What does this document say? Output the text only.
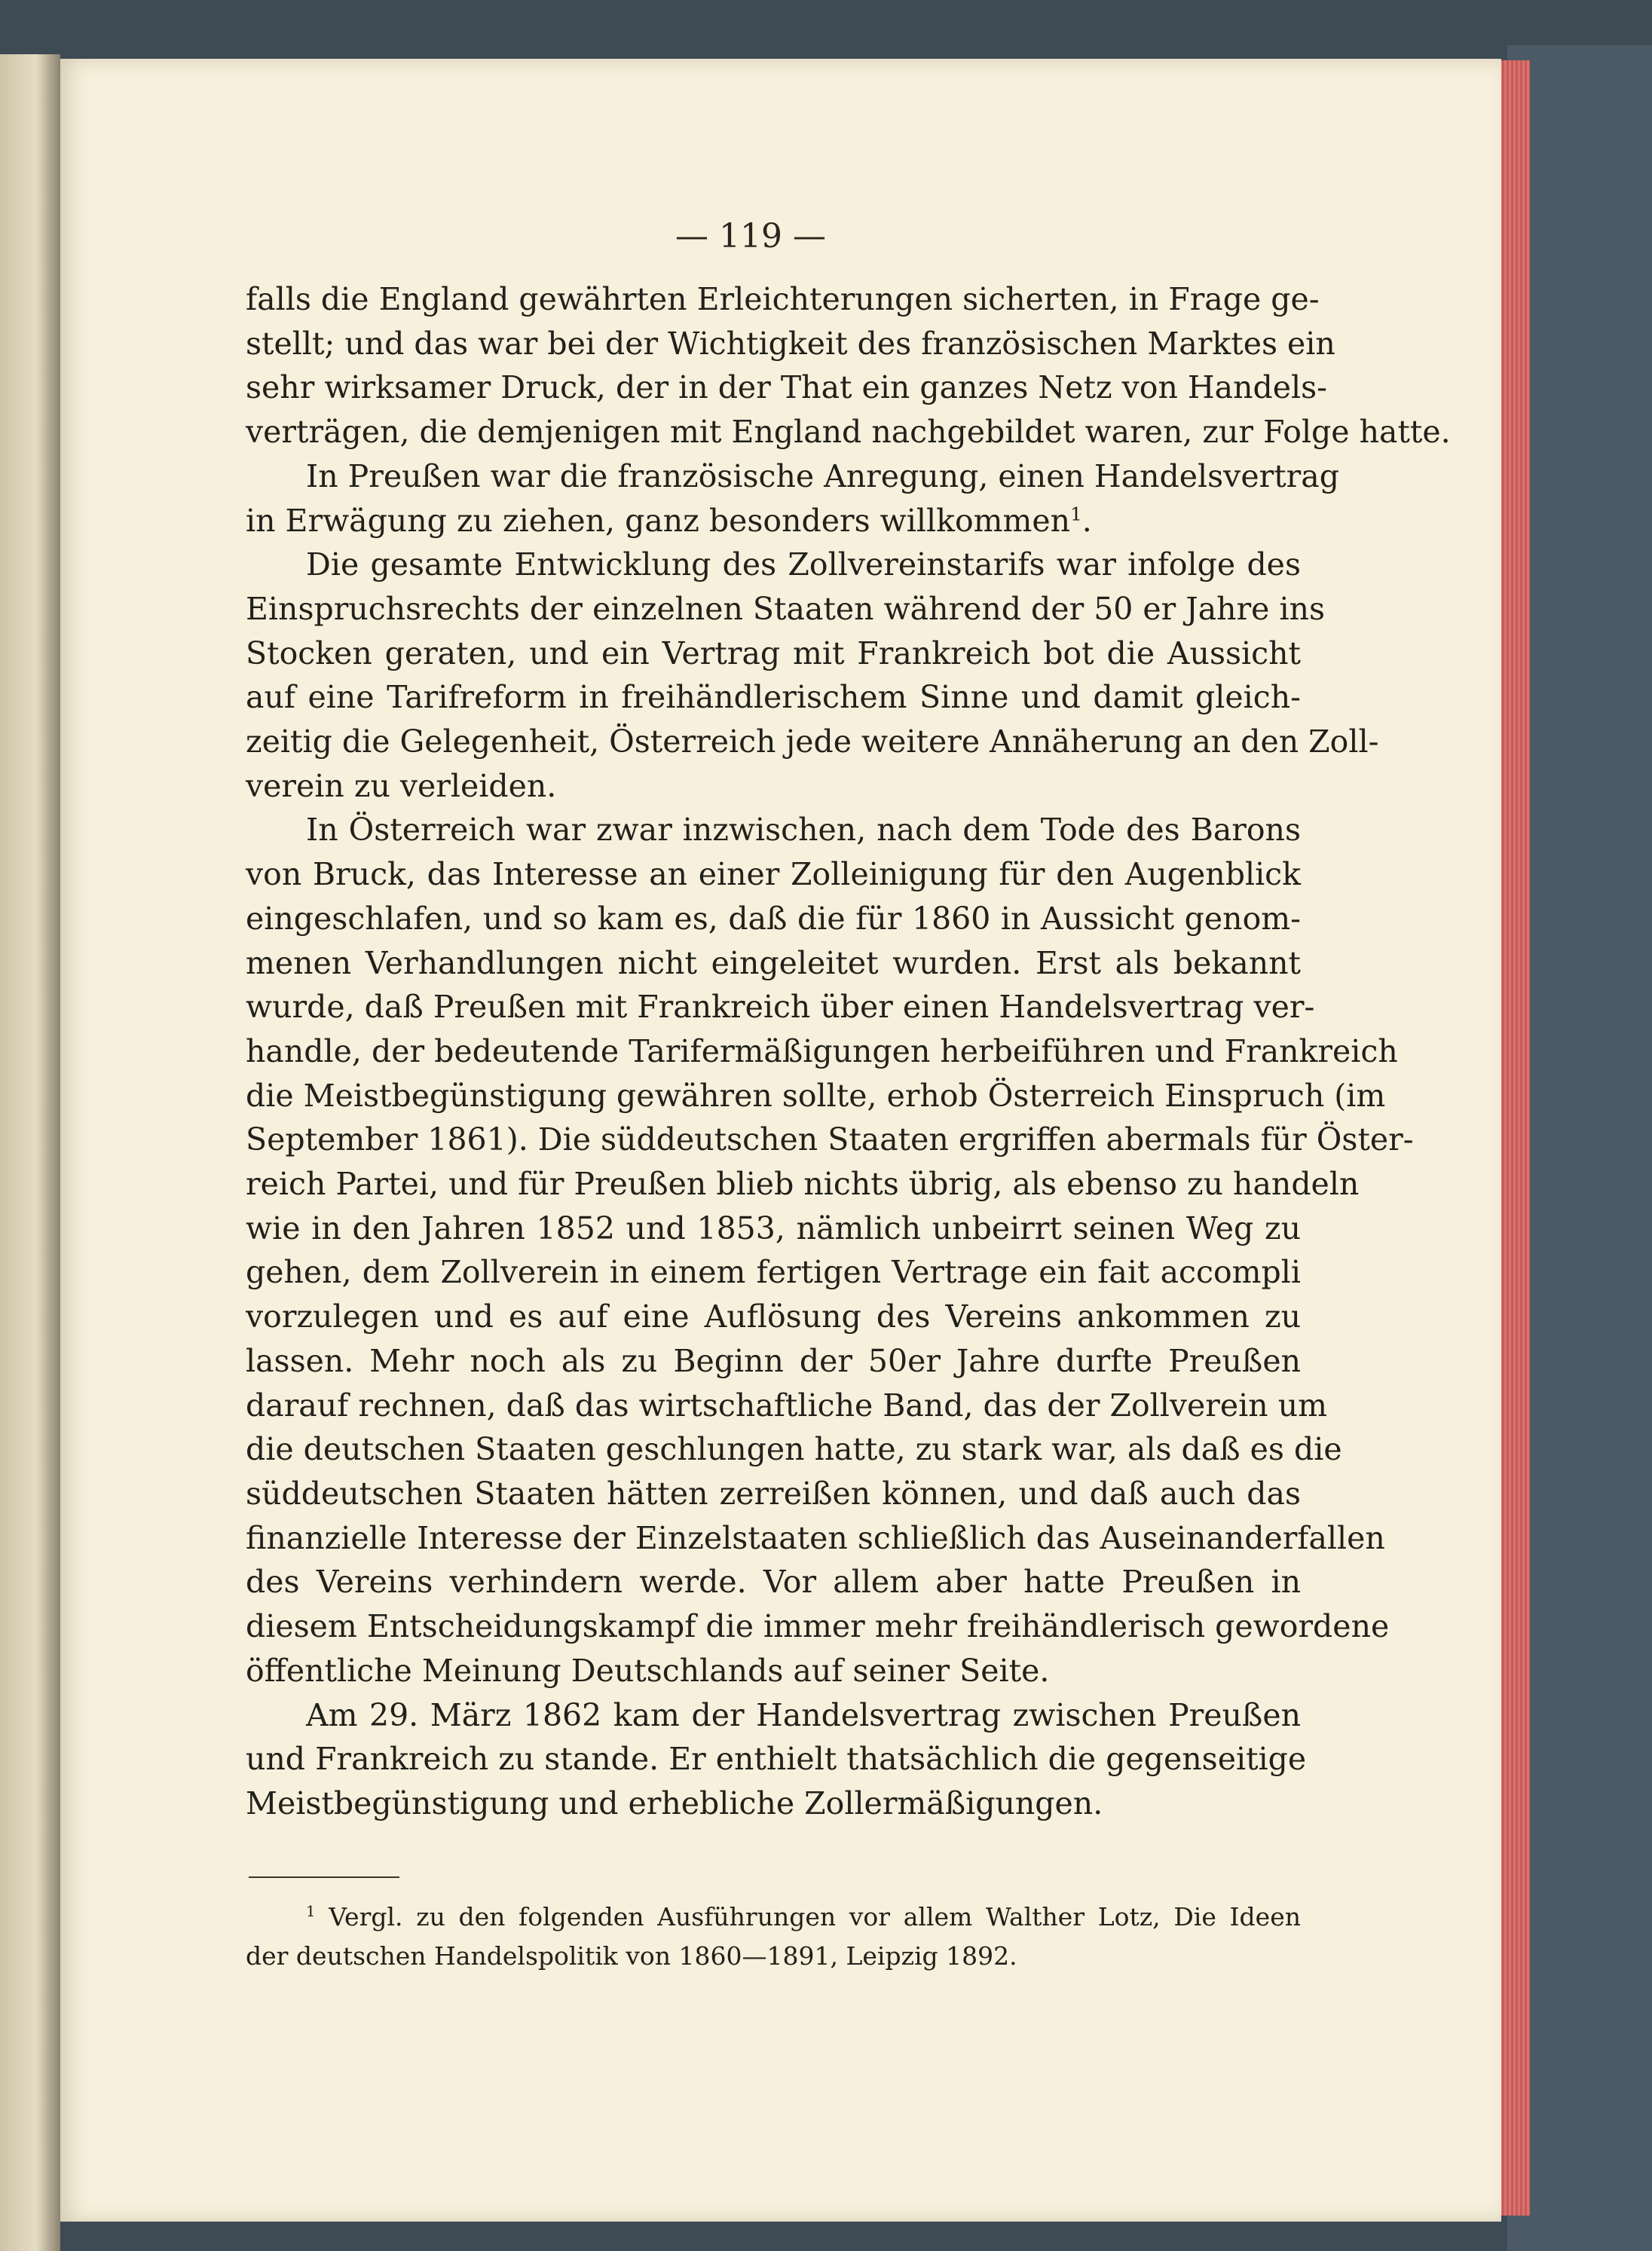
— 119 —

falls die England gewährten Erleichterungen sicherten, in Frage ge-
stellt; und das war bei der Wichtigkeit des französischen Marktes ein
sehr wirksamer Druck, der in der That ein ganzes Netz von Handels-
verträgen, die demjenigen mit England nachgebildet waren, zur Folge hatte.

In Preußen war die französische Anregung, einen Handelsvertrag
in Erwägung zu ziehen, ganz besonders willkommen$^1$.

Die gesamte Entwicklung des Zollvereinstarifs war infolge des
Einspruchsrechts der einzelnen Staaten während der 50 er Jahre ins
Stocken geraten, und ein Vertrag mit Frankreich bot die Aussicht
auf eine Tarifreform in freihändlerischem Sinne und damit gleich-
zeitig die Gelegenheit, Österreich jede weitere Annäherung an den Zoll-
verein zu verleiden.

In Österreich war zwar inzwischen, nach dem Tode des Barons
von Bruck, das Interesse an einer Zolleinigung für den Augenblick
eingeschlafen, und so kam es, daß die für 1860 in Aussicht genom-
menen Verhandlungen nicht eingeleitet wurden. Erst als bekannt
wurde, daß Preußen mit Frankreich über einen Handelsvertrag ver-
handle, der bedeutende Tarifermäßigungen herbeiführen und Frankreich
die Meistbegünstigung gewähren sollte, erhob Österreich Einspruch (im
September 1861). Die süddeutschen Staaten ergriffen abermals für Öster-
reich Partei, und für Preußen blieb nichts übrig, als ebenso zu handeln
wie in den Jahren 1852 und 1853, nämlich unbeirrt seinen Weg zu
gehen, dem Zollverein in einem fertigen Vertrage ein fait accompli
vorzulegen und es auf eine Auflösung des Vereins ankommen zu
lassen. Mehr noch als zu Beginn der 50er Jahre durfte Preußen
darauf rechnen, daß das wirtschaftliche Band, das der Zollverein um
die deutschen Staaten geschlungen hatte, zu stark war, als daß es die
süddeutschen Staaten hätten zerreißen können, und daß auch das
finanzielle Interesse der Einzelstaaten schließlich das Auseinanderfallen
des Vereins verhindern werde. Vor allem aber hatte Preußen in
diesem Entscheidungskampf die immer mehr freihändlerisch gewordene
öffentliche Meinung Deutschlands auf seiner Seite.

Am 29. März 1862 kam der Handelsvertrag zwischen Preußen
und Frankreich zu stande. Er enthielt thatsächlich die gegenseitige
Meistbegünstigung und erhebliche Zollermäßigungen.

$^1$ Vergl. zu den folgenden Ausführungen vor allem Walther Lotz, Die Ideen
der deutschen Handelspolitik von 1860—1891, Leipzig 1892.
